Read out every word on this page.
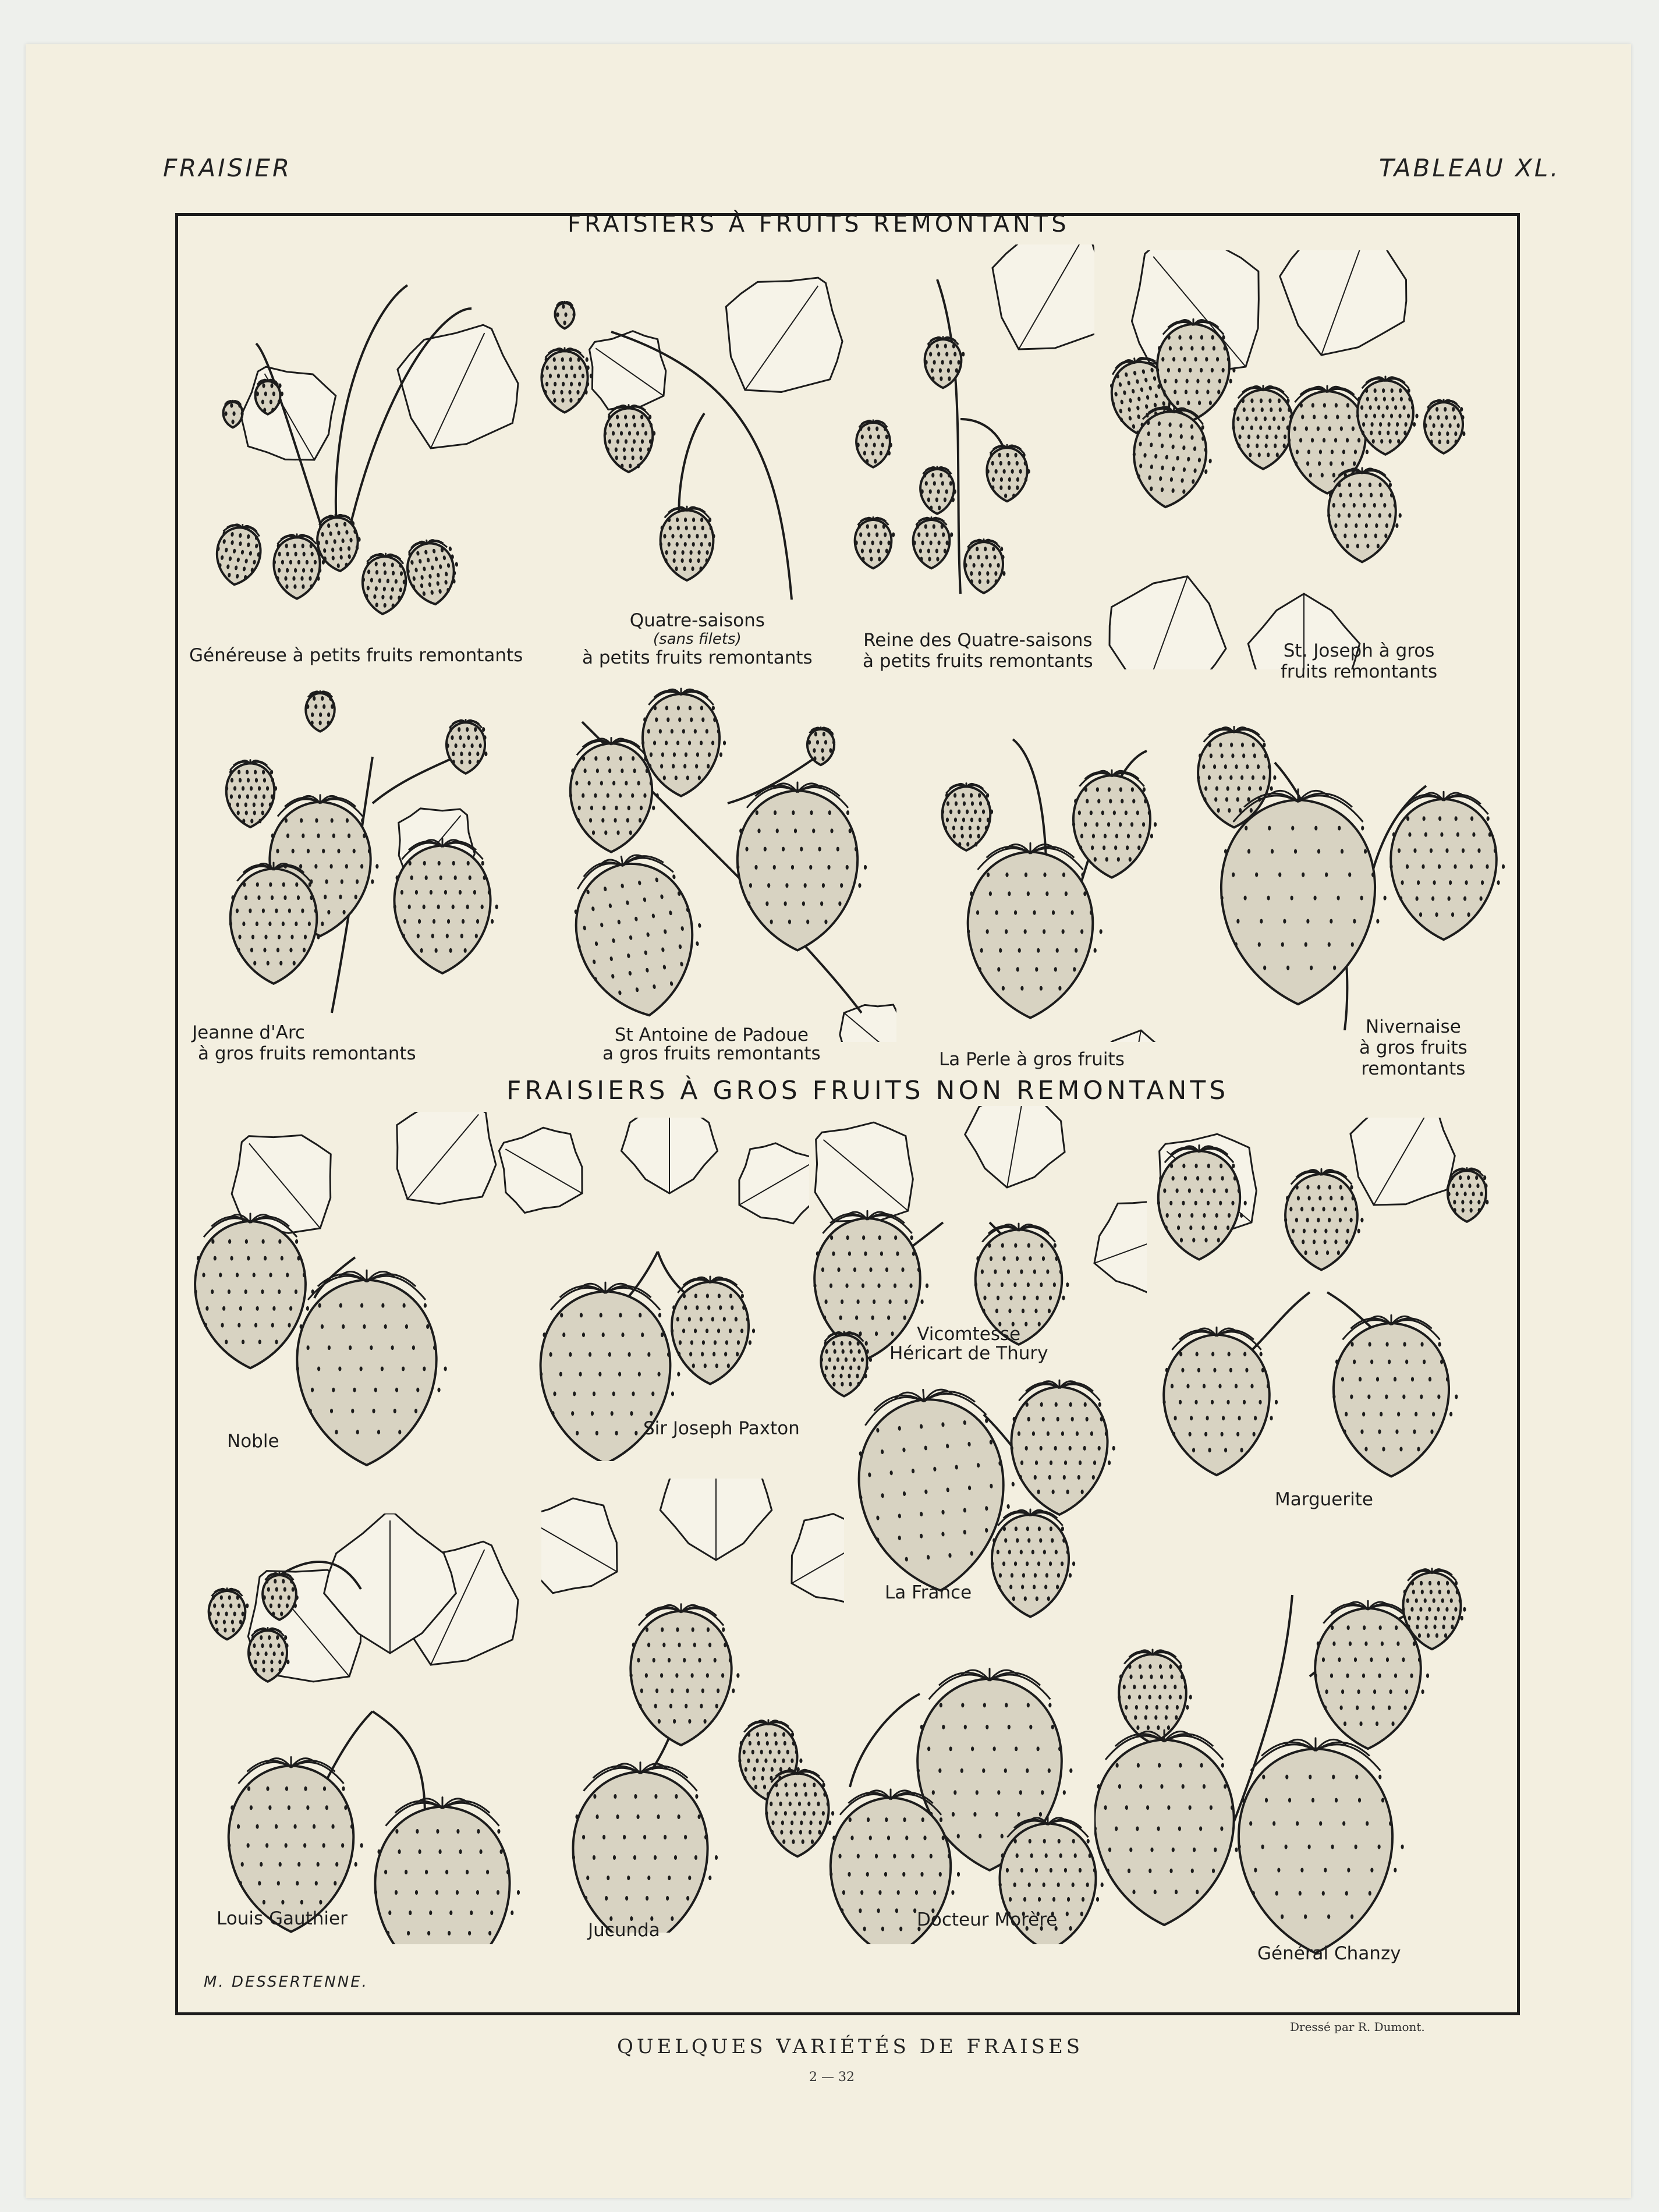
FRAISIER	TABLEAU XL.
FRAISIERS À FRUITS REMONTANTS
FRAISIERS À GROS FRUITS NON REMONTANTS
Généreuse à petits fruits remontants
Quatre-saisons
(sans filets)
à petits fruits remontants
Reine des Quatre-saisons
à petits fruits remontants	St. Joseph à gros
fruits remontants
Jeanne d'Arc
à gros fruits remontants
St Antoine de Padoue
a gros fruits remontants	La Perle à gros fruits
Nivernaise
à gros fruits
remontants
Noble
Sir Joseph Paxton
Vicomtesse
Héricart de Thury
Marguerite
La France
Louis Gauthier
Jucunda	Docteur Morère
Général Chanzy
M. DESSERTENNE.
Dressé par R. Dumont.
QUELQUES VARIÉTÉS DE FRAISES
2 — 32
